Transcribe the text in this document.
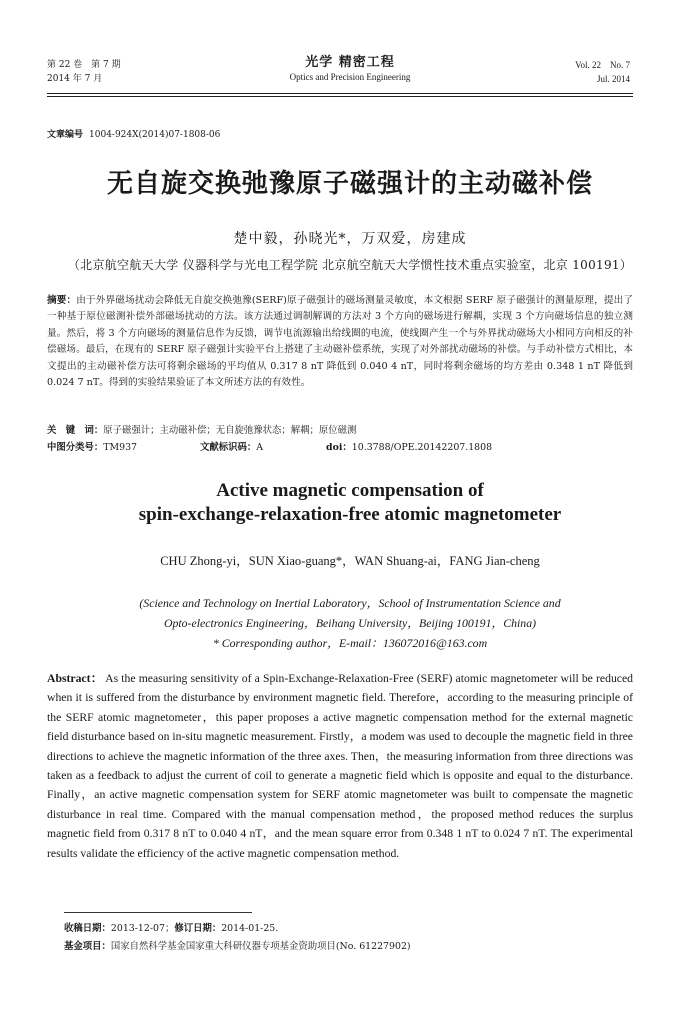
第 22 卷　第 7 期
2014 年 7 月
光学 精密工程
Optics and Precision Engineering
Vol. 22　No. 7
Jul. 2014
文章编号 1004-924X(2014)07-1808-06
无自旋交换弛豫原子磁强计的主动磁补偿
楚中毅，孙晓光*，万双爱，房建成
（北京航空航天大学 仪器科学与光电工程学院 北京航空航天大学惯性技术重点实验室，北京 100191）
摘要：由于外界磁场扰动会降低无自旋交换弛豫(SERF)原子磁强计的磁场测量灵敏度，本文根据 SERF 原子磁强计的测量原理，提出了一种基于原位磁测补偿外部磁场扰动的方法。该方法通过调制解调的方法对 3 个方向的磁场进行解耦，实现 3 个方向磁场信息的独立测量。然后，将 3 个方向磁场的测量信息作为反馈，调节电流源输出给线圈的电流，使线圈产生一个与外界扰动磁场大小相同方向相反的补偿磁场。最后，在现有的 SERF 原子磁强计实验平台上搭建了主动磁补偿系统，实现了对外部扰动磁场的补偿。与手动补偿方式相比，本文提出的主动磁补偿方法可将剩余磁场的平均值从 0.317 8 nT 降低到 0.040 4 nT，同时将剩余磁场的均方差由 0.348 1 nT 降低到 0.024 7 nT。得到的实验结果验证了本文所述方法的有效性。
关　键　词：原子磁强计；主动磁补偿；无自旋弛豫状态；解耦；原位磁测
中图分类号：TM937	文献标识码：A	doi：10.3788/OPE.20142207.1808
Active magnetic compensation of
spin-exchange-relaxation-free atomic magnetometer
CHU Zhong-yi，SUN Xiao-guang*，WAN Shuang-ai，FANG Jian-cheng
(Science and Technology on Inertial Laboratory，School of Instrumentation Science and
Opto-electronics Engineering，Beihang University，Beijing 100191，China)
* Corresponding author，E-mail：136072016@163.com
Abstract： As the measuring sensitivity of a Spin-Exchange-Relaxation-Free (SERF) atomic magnetometer will be reduced when it is suffered from the disturbance by environment magnetic field. Therefore，according to the measuring principle of the SERF atomic magnetometer，this paper proposes a active magnetic compensation method for the external magnetic field disturbance based on in-situ magnetic measurement. Firstly，a modem was used to decouple the magnetic field in three directions to achieve the magnetic information of the three axes. Then，the measuring information from three directions was taken as a feedback to adjust the current of coil to generate a magnetic field which is opposite and equal to the disturbance. Finally，an active magnetic compensation system for SERF atomic magnetometer was built to compensate the magnetic disturbance in real time. Compared with the manual compensation method，the proposed method reduces the surplus magnetic field from 0.317 8 nT to 0.040 4 nT，and the mean square error from 0.348 1 nT to 0.024 7 nT. The experimental results validate the efficiency of the active magnetic compensation method.
收稿日期：2013-12-07；修订日期：2014-01-25.
基金项目：国家自然科学基金国家重大科研仪器专项基金资助项目(No. 61227902)
